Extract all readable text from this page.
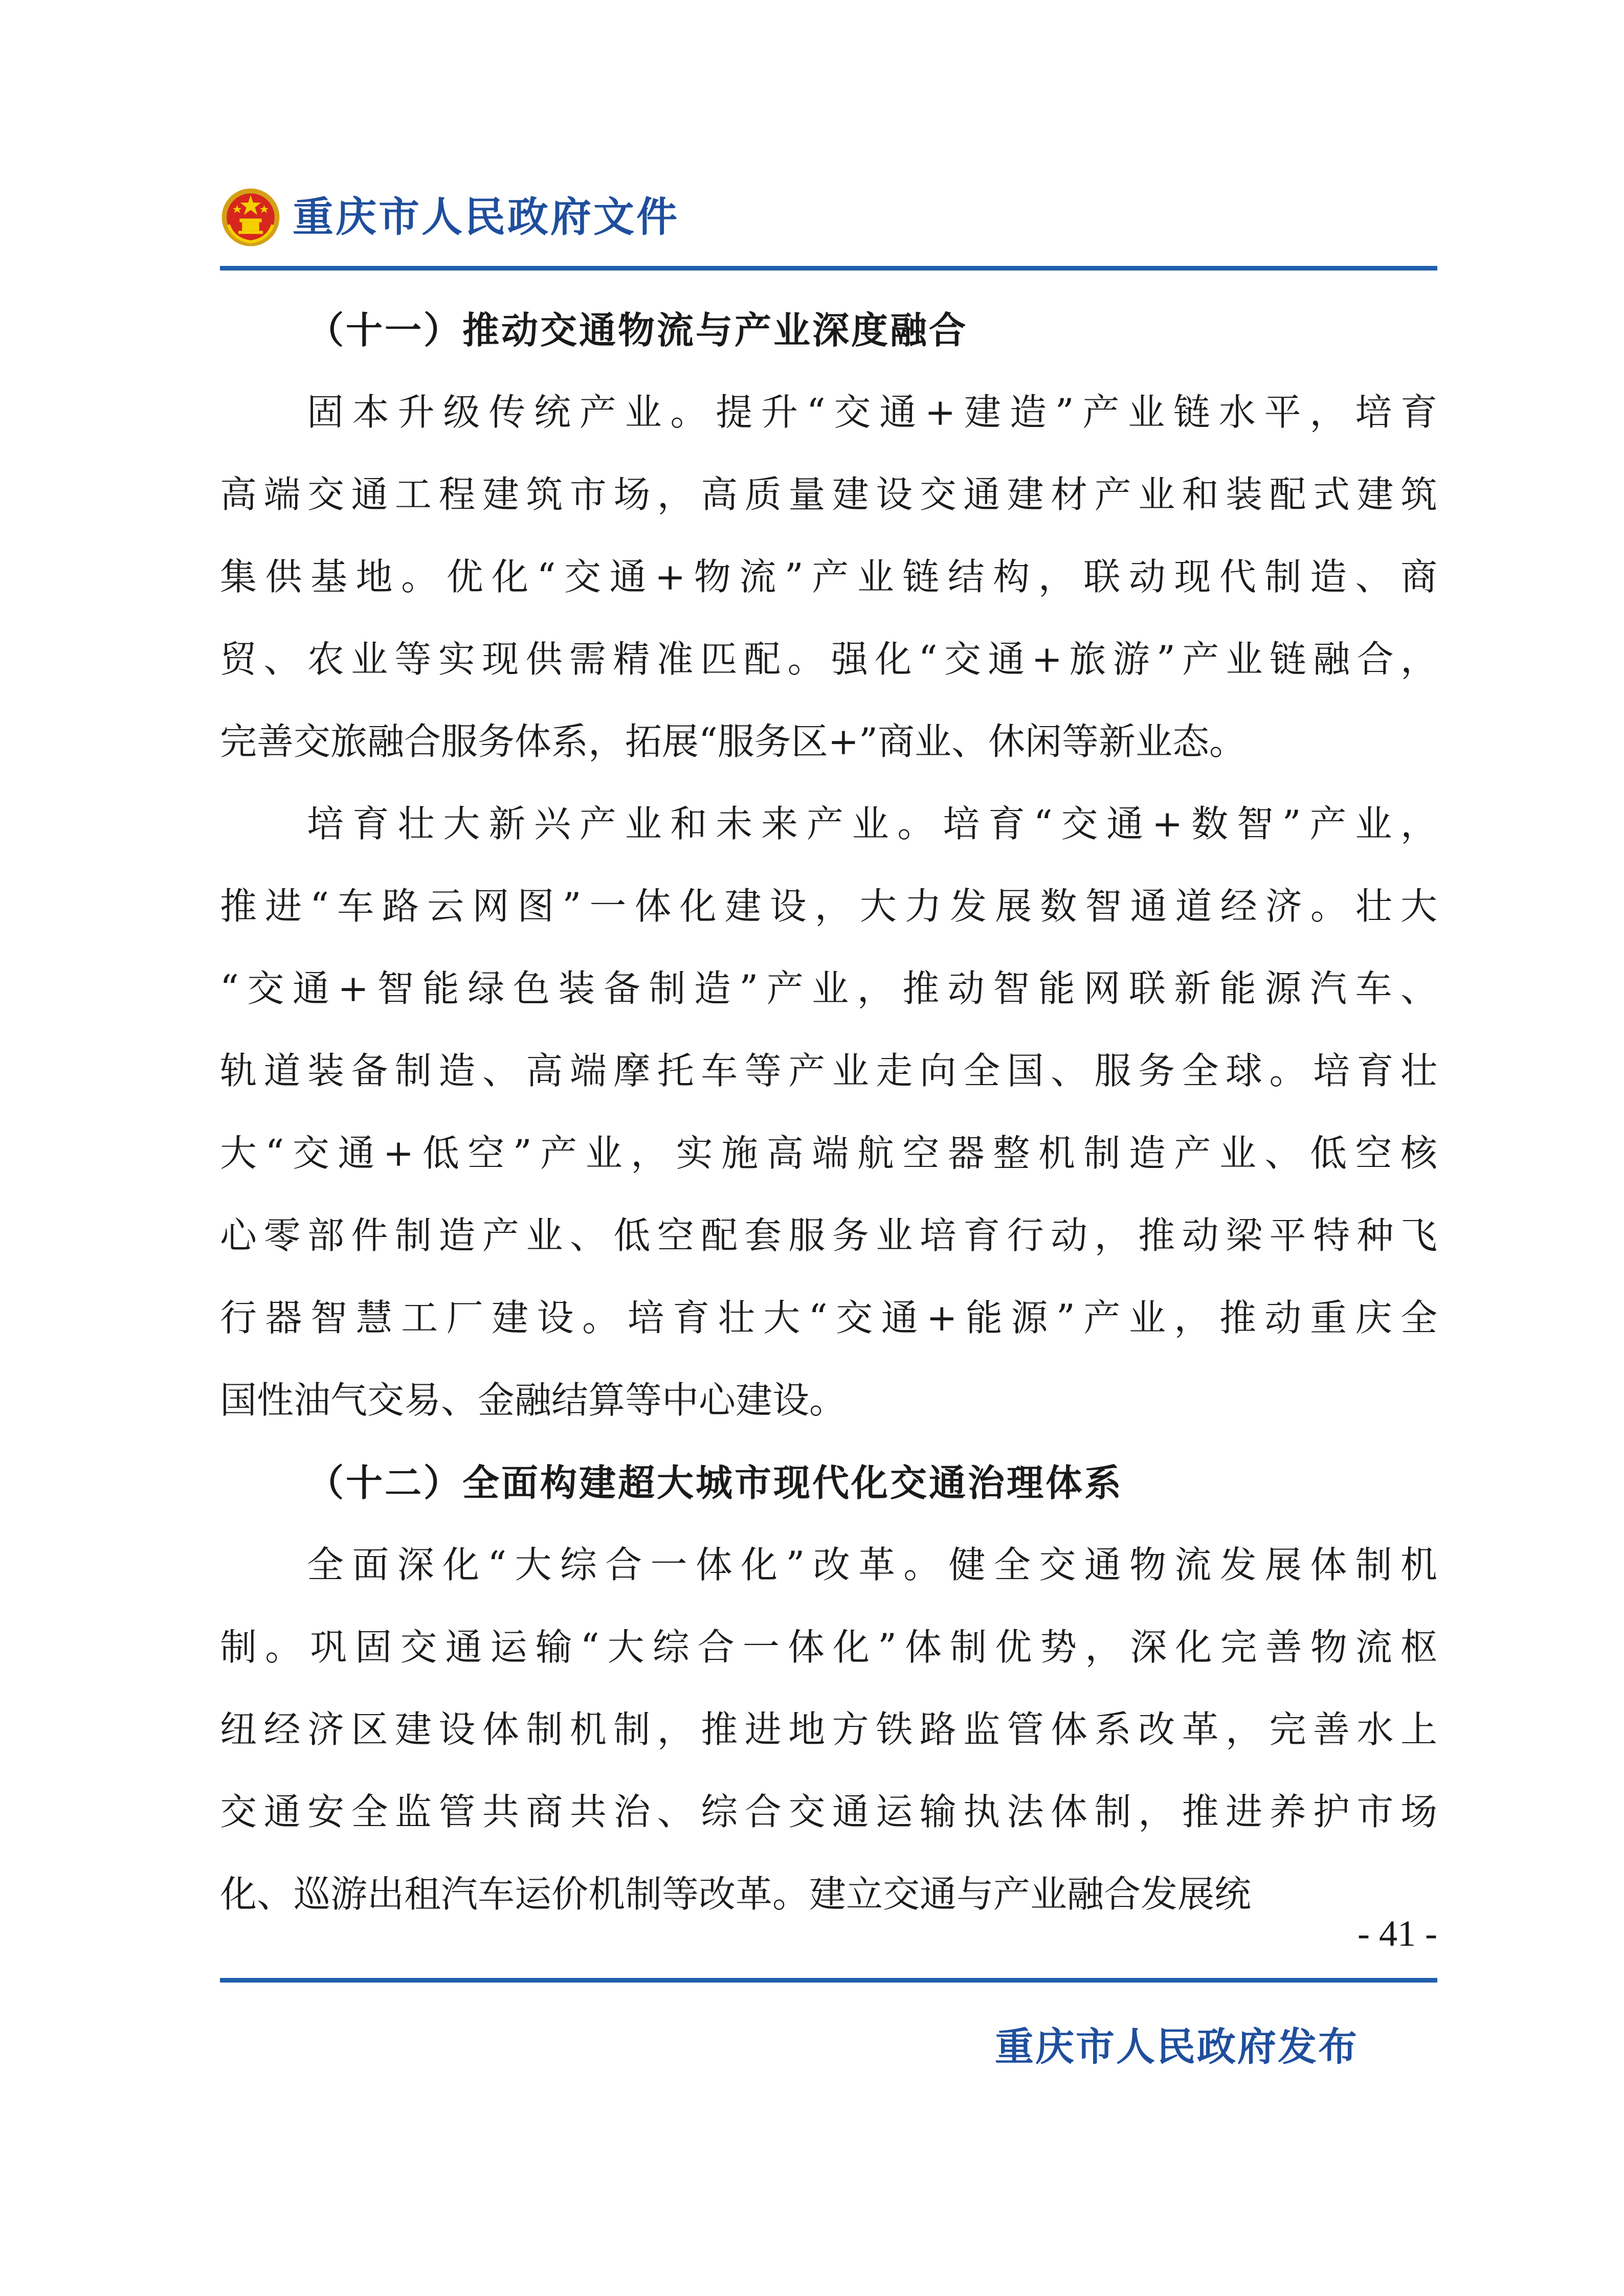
重庆市人民政府文件
（十一）推动交通物流与产业深度融合
固本升级传统产业。提升“交通+建造”产业链水平，培育
高端交通工程建筑市场，高质量建设交通建材产业和装配式建筑
集供基地。优化“交通+物流”产业链结构，联动现代制造、商
贸、农业等实现供需精准匹配。强化“交通+旅游”产业链融合，
完善交旅融合服务体系，拓展“服务区+”商业、休闲等新业态。
培育壮大新兴产业和未来产业。培育“交通+数智”产业，
推进“车路云网图”一体化建设，大力发展数智通道经济。壮大
“交通+智能绿色装备制造”产业，推动智能网联新能源汽车、
轨道装备制造、高端摩托车等产业走向全国、服务全球。培育壮
大“交通+低空”产业，实施高端航空器整机制造产业、低空核
心零部件制造产业、低空配套服务业培育行动，推动梁平特种飞
行器智慧工厂建设。培育壮大“交通+能源”产业，推动重庆全
国性油气交易、金融结算等中心建设。
（十二）全面构建超大城市现代化交通治理体系
全面深化“大综合一体化”改革。健全交通物流发展体制机
制。巩固交通运输“大综合一体化”体制优势，深化完善物流枢
纽经济区建设体制机制，推进地方铁路监管体系改革，完善水上
交通安全监管共商共治、综合交通运输执法体制，推进养护市场
化、巡游出租汽车运价机制等改革。建立交通与产业融合发展统
- 41 -
重庆市人民政府发布
